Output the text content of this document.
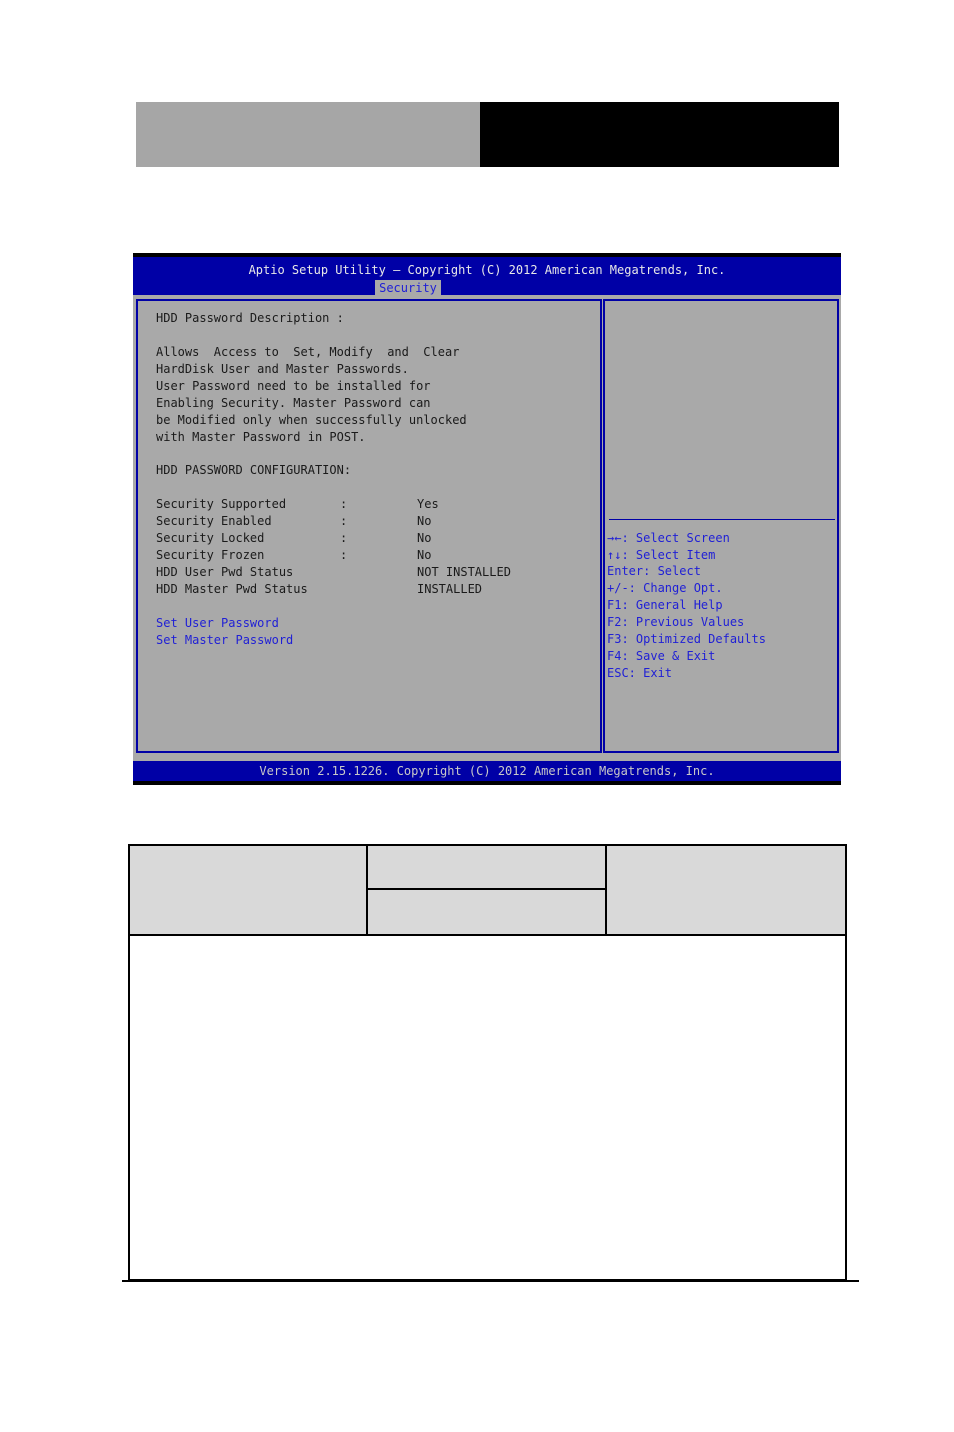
Aptio Setup Utility – Copyright (C) 2012 American Megatrends, Inc.
Security
HDD Password Description :
Allows  Access to  Set, Modify  and  Clear
HardDisk User and Master Passwords.
User Password need to be installed for
Enabling Security. Master Password can
be Modified only when successfully unlocked
with Master Password in POST.
HDD PASSWORD CONFIGURATION:
Security Supported	:	Yes
Security Enabled	:	No
Security Locked	:	No
Security Frozen	:	No
HDD User Pwd Status	NOT INSTALLED
HDD Master Pwd Status	INSTALLED
Set User Password
Set Master Password
→←: Select Screen
↑↓: Select Item
Enter: Select
+/-: Change Opt.
F1: General Help
F2: Previous Values
F3: Optimized Defaults
F4: Save & Exit
ESC: Exit
Version 2.15.1226. Copyright (C) 2012 American Megatrends, Inc.
